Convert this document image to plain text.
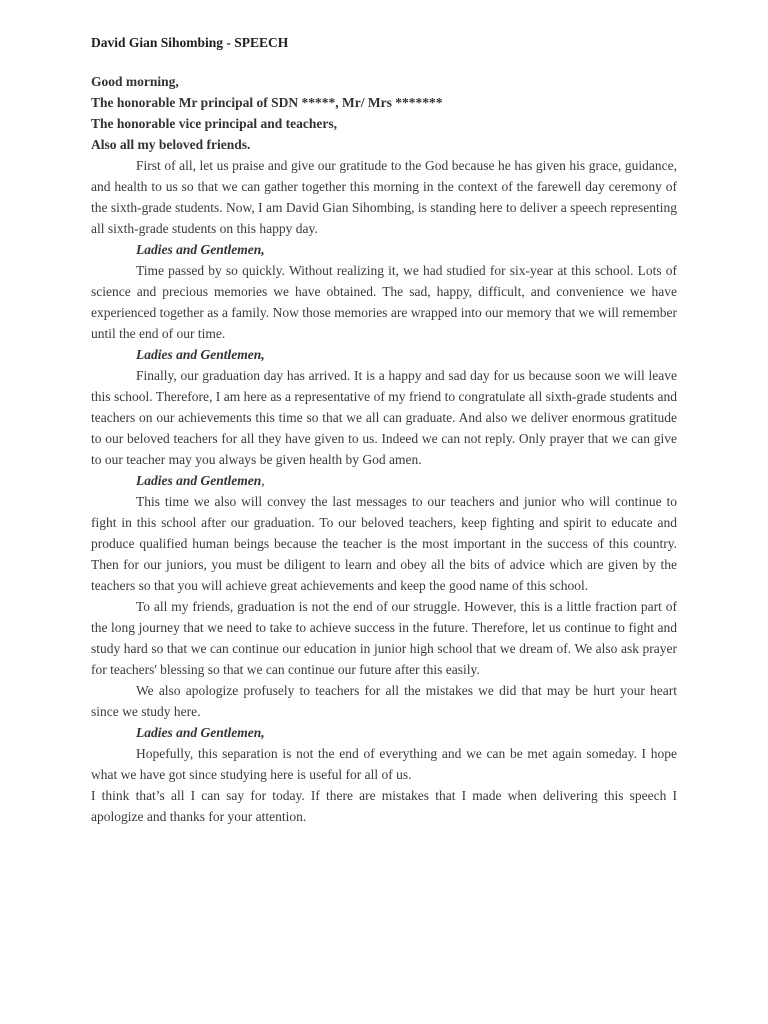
David Gian Sihombing - SPEECH

Good morning,

The honorable Mr principal of SDN *****, Mr/ Mrs *******

The honorable vice principal and teachers,

Also all my beloved friends.

First of all, let us praise and give our gratitude to the God because he has given his grace, guidance, and health to us so that we can gather together this morning in the context of the farewell day ceremony of the sixth-grade students. Now, I am David Gian Sihombing, is standing here to deliver a speech representing all sixth-grade students on this happy day.

Ladies and Gentlemen,

Time passed by so quickly. Without realizing it, we had studied for six-year at this school. Lots of science and precious memories we have obtained. The sad, happy, difficult, and convenience we have experienced together as a family. Now those memories are wrapped into our memory that we will remember until the end of our time.

Ladies and Gentlemen,

Finally, our graduation day has arrived. It is a happy and sad day for us because soon we will leave this school. Therefore, I am here as a representative of my friend to congratulate all sixth-grade students and teachers on our achievements this time so that we all can graduate. And also we deliver enormous gratitude to our beloved teachers for all they have given to us. Indeed we can not reply. Only prayer that we can give to our teacher may you always be given health by God amen.

Ladies and Gentlemen,

This time we also will convey the last messages to our teachers and junior who will continue to fight in this school after our graduation. To our beloved teachers, keep fighting and spirit to educate and produce qualified human beings because the teacher is the most important in the success of this country. Then for our juniors, you must be diligent to learn and obey all the bits of advice which are given by the teachers so that you will achieve great achievements and keep the good name of this school.

To all my friends, graduation is not the end of our struggle. However, this is a little fraction part of the long journey that we need to take to achieve success in the future. Therefore, let us continue to fight and study hard so that we can continue our education in junior high school that we dream of. We also ask prayer for teachers' blessing so that we can continue our future after this easily.

We also apologize profusely to teachers for all the mistakes we did that may be hurt your heart since we study here.

Ladies and Gentlemen,

Hopefully, this separation is not the end of everything and we can be met again someday. I hope what we have got since studying here is useful for all of us.

I think that’s all I can say for today. If there are mistakes that I made when delivering this speech I apologize and thanks for your attention.
